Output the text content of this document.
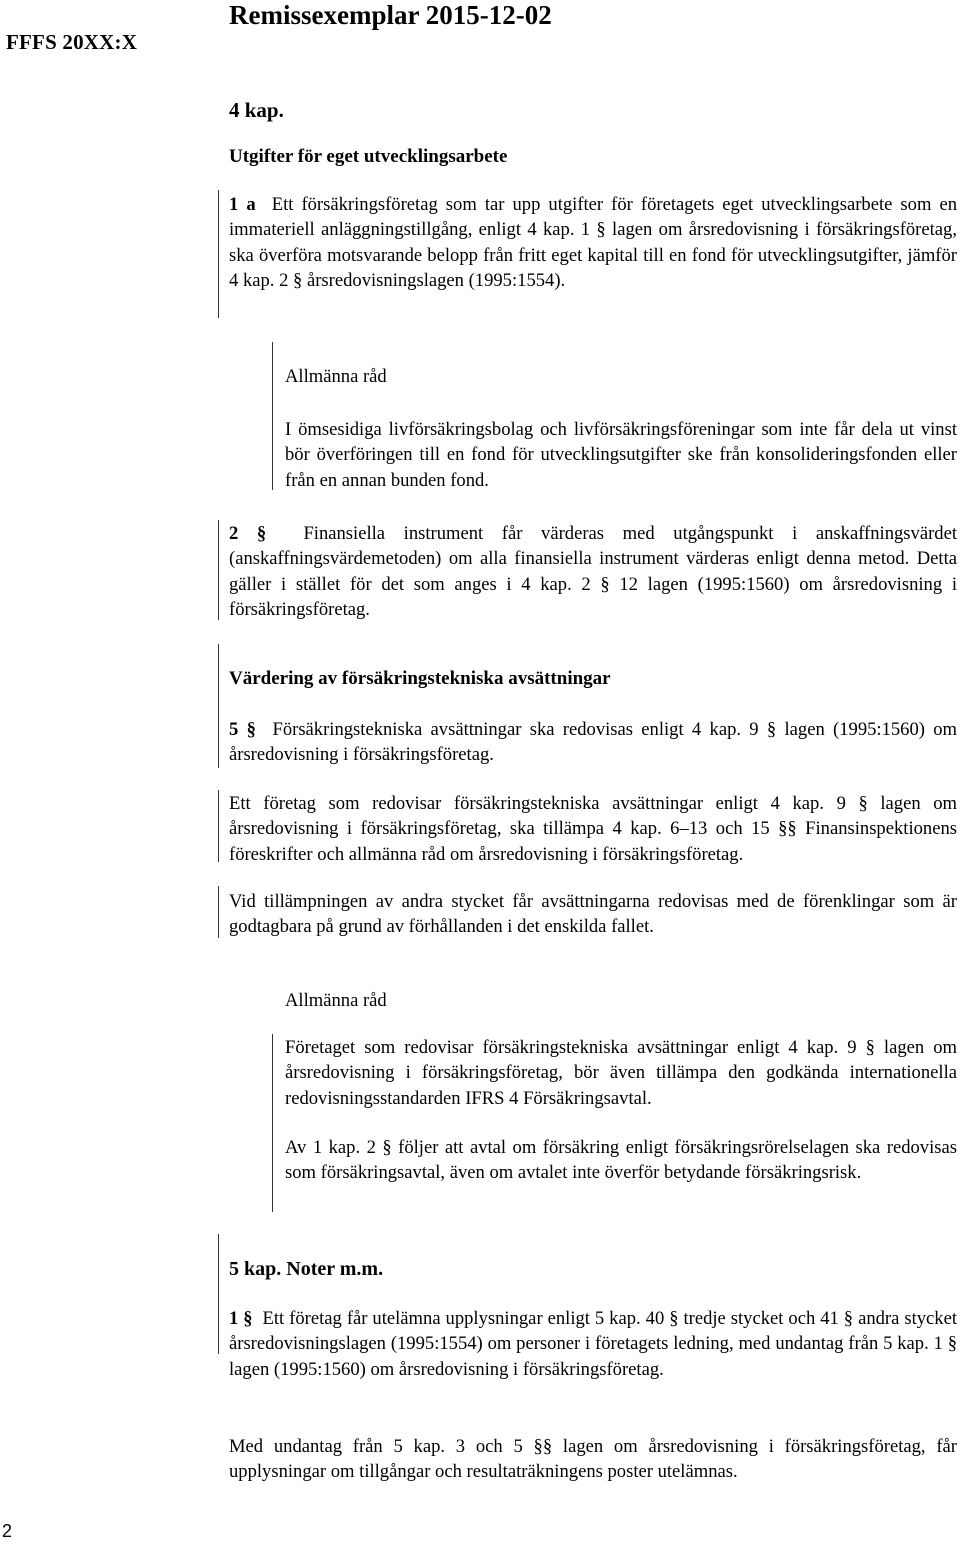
FFFS 20XX:X
Remissexemplar 2015-12-02
4 kap.
Utgifter för eget utvecklingsarbete

1 a Ett försäkringsföretag som tar upp utgifter för företagets eget utvecklingsarbete som en immateriell anläggningstillgång, enligt 4 kap. 1 § lagen om årsredovisning i försäkringsföretag, ska överföra motsvarande belopp från fritt eget kapital till en fond för utvecklingsutgifter, jämför 4 kap. 2 § årsredovisningslagen (1995:1554).

Allmänna råd

I ömsesidiga livförsäkringsbolag och livförsäkringsföreningar som inte får dela ut vinst bör överföringen till en fond för utvecklingsutgifter ske från konsolideringsfonden eller från en annan bunden fond.

2 § Finansiella instrument får värderas med utgångspunkt i anskaffningsvärdet (anskaffningsvärdemetoden) om alla finansiella instrument värderas enligt denna metod. Detta gäller i stället för det som anges i 4 kap. 2 § 12 lagen (1995:1560) om årsredovisning i försäkringsföretag.

Värdering av försäkringstekniska avsättningar

5 § Försäkringstekniska avsättningar ska redovisas enligt 4 kap. 9 § lagen (1995:1560) om årsredovisning i försäkringsföretag.

Ett företag som redovisar försäkringstekniska avsättningar enligt 4 kap. 9 § lagen om årsredovisning i försäkringsföretag, ska tillämpa 4 kap. 6–13 och 15 §§ Finansinspektionens föreskrifter och allmänna råd om årsredovisning i försäkringsföretag.

Vid tillämpningen av andra stycket får avsättningarna redovisas med de förenklingar som är godtagbara på grund av förhållanden i det enskilda fallet.

Allmänna råd

Företaget som redovisar försäkringstekniska avsättningar enligt 4 kap. 9 § lagen om årsredovisning i försäkringsföretag, bör även tillämpa den godkända internationella redovisningsstandarden IFRS 4 Försäkringsavtal.

Av 1 kap. 2 § följer att avtal om försäkring enligt försäkringsrörelselagen ska redovisas som försäkringsavtal, även om avtalet inte överför betydande försäkringsrisk.

5 kap. Noter m.m.

1 § Ett företag får utelämna upplysningar enligt 5 kap. 40 § tredje stycket och 41 § andra stycket årsredovisningslagen (1995:1554) om personer i företagets ledning, med undantag från 5 kap. 1 § lagen (1995:1560) om årsredovisning i försäkringsföretag.

Med undantag från 5 kap. 3 och 5 §§ lagen om årsredovisning i försäkringsföretag, får upplysningar om tillgångar och resultaträkningens poster utelämnas.

2
